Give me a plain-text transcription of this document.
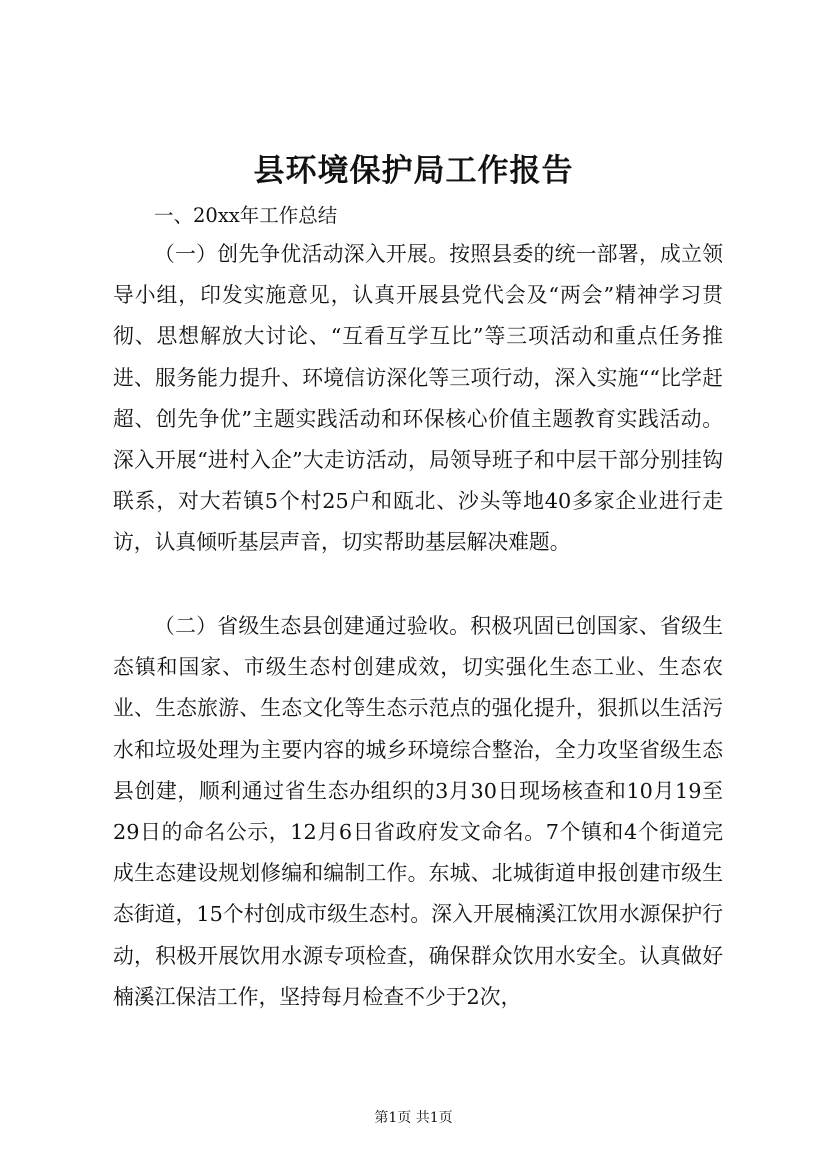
县环境保护局工作报告
一、20xx年工作总结

（一）创先争优活动深入开展。按照县委的统一部署，成立领导小组，印发实施意见，认真开展县党代会及“两会”精神学习贯彻、思想解放大讨论、“互看互学互比”等三项活动和重点任务推进、服务能力提升、环境信访深化等三项行动，深入实施““比学赶超、创先争优”主题实践活动和环保核心价值主题教育实践活动。深入开展“进村入企”大走访活动，局领导班子和中层干部分别挂钩联系，对大若镇5个村25户和瓯北、沙头等地40多家企业进行走访，认真倾听基层声音，切实帮助基层解决难题。

（二）省级生态县创建通过验收。积极巩固已创国家、省级生态镇和国家、市级生态村创建成效，切实强化生态工业、生态农业、生态旅游、生态文化等生态示范点的强化提升，狠抓以生活污水和垃圾处理为主要内容的城乡环境综合整治，全力攻坚省级生态县创建，顺利通过省生态办组织的3月30日现场核查和10月19至29日的命名公示，12月6日省政府发文命名。7个镇和4个街道完成生态建设规划修编和编制工作。东城、北城街道申报创建市级生态街道，15个村创成市级生态村。深入开展楠溪江饮用水源保护行动，积极开展饮用水源专项检查，确保群众饮用水安全。认真做好楠溪江保洁工作，坚持每月检查不少于2次，

第1页 共1页
